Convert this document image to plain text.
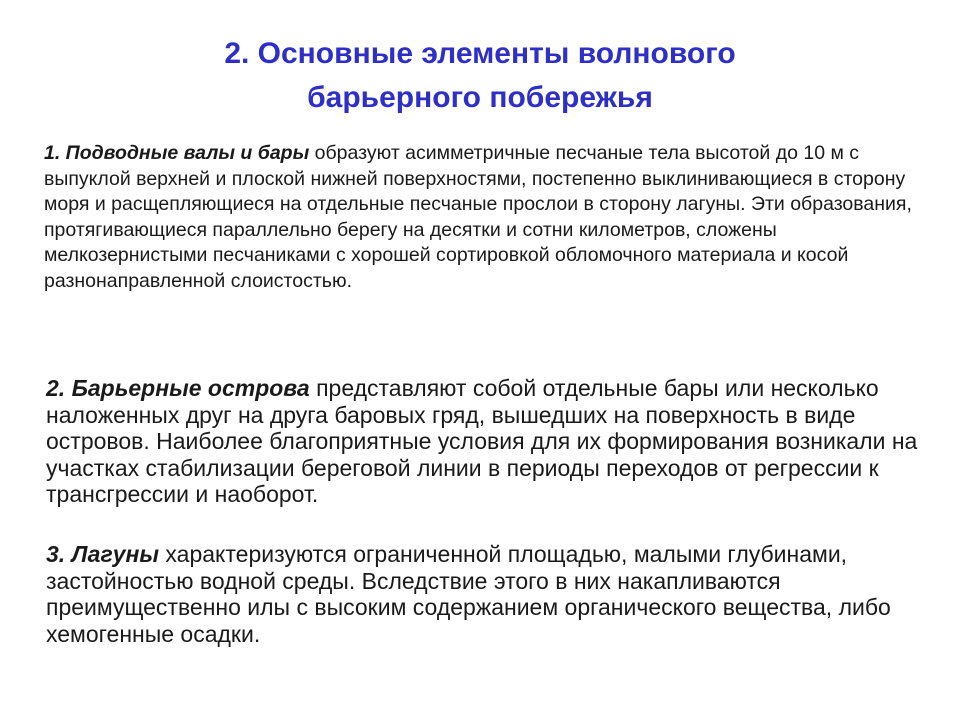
2. Основные элементы волнового
барьерного побережья

1. Подводные валы и бары образуют асимметричные песчаные тела высотой до 10 м с выпуклой верхней и плоской нижней поверхностями, постепенно выклинивающиеся в сторону моря и расщепляющиеся на отдельные песчаные прослои в сторону лагуны. Эти образования, протягивающиеся параллельно берегу на десятки и сотни километров, сложены мелкозернистыми песчаниками с хорошей сортировкой обломочного материала и косой разнонаправленной слоистостью.

2. Барьерные острова представляют собой отдельные бары или несколько наложенных друг на друга баровых гряд, вышедших на поверхность в виде островов. Наиболее благоприятные условия для их формирования возникали на участках стабилизации береговой линии в периоды переходов от регрессии к трансгрессии и наоборот.

3. Лагуны характеризуются ограниченной площадью, малыми глубинами, застойностью водной среды. Вследствие этого в них накапливаются преимущественно илы с высоким содержанием органического вещества, либо хемогенные осадки.
